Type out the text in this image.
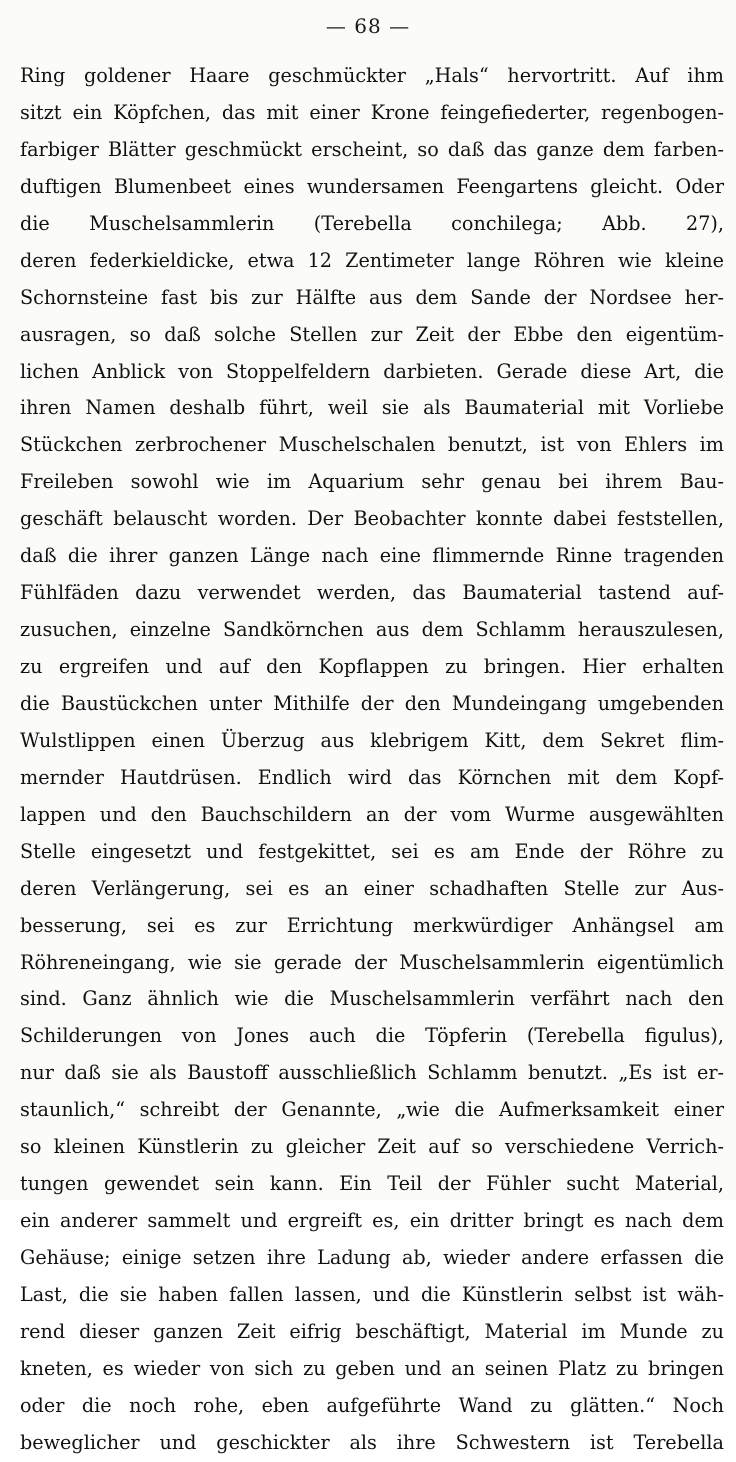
— 68 —
Ring goldener Haare geschmückter „Hals“ hervortritt. Auf ihm
sitzt ein Köpfchen, das mit einer Krone feingefiederter, regenbogen-
farbiger Blätter geschmückt erscheint, so daß das ganze dem farben-
duftigen Blumenbeet eines wundersamen Feengartens gleicht. Oder
die Muschelsammlerin (Terebella conchilega; Abb. 27),
deren federkieldicke, etwa 12 Zentimeter lange Röhren wie kleine
Schornsteine fast bis zur Hälfte aus dem Sande der Nordsee her-
ausragen, so daß solche Stellen zur Zeit der Ebbe den eigentüm-
lichen Anblick von Stoppelfeldern darbieten. Gerade diese Art, die
ihren Namen deshalb führt, weil sie als Baumaterial mit Vorliebe
Stückchen zerbrochener Muschelschalen benutzt, ist von Ehlers im
Freileben sowohl wie im Aquarium sehr genau bei ihrem Bau-
geschäft belauscht worden. Der Beobachter konnte dabei feststellen,
daß die ihrer ganzen Länge nach eine flimmernde Rinne tragenden
Fühlfäden dazu verwendet werden, das Baumaterial tastend auf-
zusuchen, einzelne Sandkörnchen aus dem Schlamm herauszulesen,
zu ergreifen und auf den Kopflappen zu bringen. Hier erhalten
die Baustückchen unter Mithilfe der den Mundeingang umgebenden
Wulstlippen einen Überzug aus klebrigem Kitt, dem Sekret flim-
mernder Hautdrüsen. Endlich wird das Körnchen mit dem Kopf-
lappen und den Bauchschildern an der vom Wurme ausgewählten
Stelle eingesetzt und festgekittet, sei es am Ende der Röhre zu
deren Verlängerung, sei es an einer schadhaften Stelle zur Aus-
besserung, sei es zur Errichtung merkwürdiger Anhängsel am
Röhreneingang, wie sie gerade der Muschelsammlerin eigentümlich
sind. Ganz ähnlich wie die Muschelsammlerin verfährt nach den
Schilderungen von Jones auch die Töpferin (Terebella figulus),
nur daß sie als Baustoff ausschließlich Schlamm benutzt. „Es ist er-
staunlich,“ schreibt der Genannte, „wie die Aufmerksamkeit einer
so kleinen Künstlerin zu gleicher Zeit auf so verschiedene Verrich-
tungen gewendet sein kann. Ein Teil der Fühler sucht Material,
ein anderer sammelt und ergreift es, ein dritter bringt es nach dem
Gehäuse; einige setzen ihre Ladung ab, wieder andere erfassen die
Last, die sie haben fallen lassen, und die Künstlerin selbst ist wäh-
rend dieser ganzen Zeit eifrig beschäftigt, Material im Munde zu
kneten, es wieder von sich zu geben und an seinen Platz zu bringen
oder die noch rohe, eben aufgeführte Wand zu glätten.“ Noch
beweglicher und geschickter als ihre Schwestern ist Terebella
